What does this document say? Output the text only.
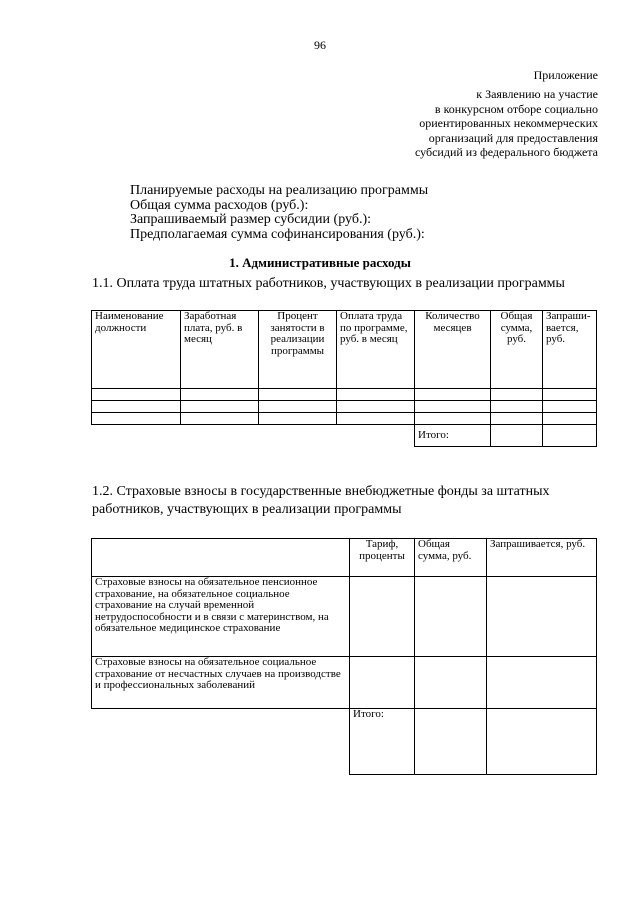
96
Приложение
к Заявлению на участие
в конкурсном отборе социально
ориентированных некоммерческих
организаций для предоставления
субсидий из федерального бюджета
Планируемые расходы на реализацию программы
Общая сумма расходов (руб.):
Запрашиваемый размер субсидии (руб.):
Предполагаемая сумма софинансирования (руб.):
1. Административные расходы
1.1. Оплата труда штатных работников, участвующих в реализации программы
Наименование должности	Заработная плата, руб. в месяц	Процент занятости в реализации программы	Оплата труда по программе, руб. в месяц	Количество месяцев	Общая сумма, руб.	Запраши-вается, руб.

				Итого:		
1.2. Страховые взносы в государственные внебюджетные фонды за штатных работников, участвующих в реализации программы
	Тариф, проценты	Общая сумма, руб.	Запрашивается, руб.
Страховые взносы на обязательное пенсионное страхование, на обязательное социальное страхование на случай временной нетрудоспособности и в связи с материнством, на обязательное медицинское страхование			
Страховые взносы на обязательное социальное страхование от несчастных случаев на производстве и профессиональных заболеваний			
	Итого:		
